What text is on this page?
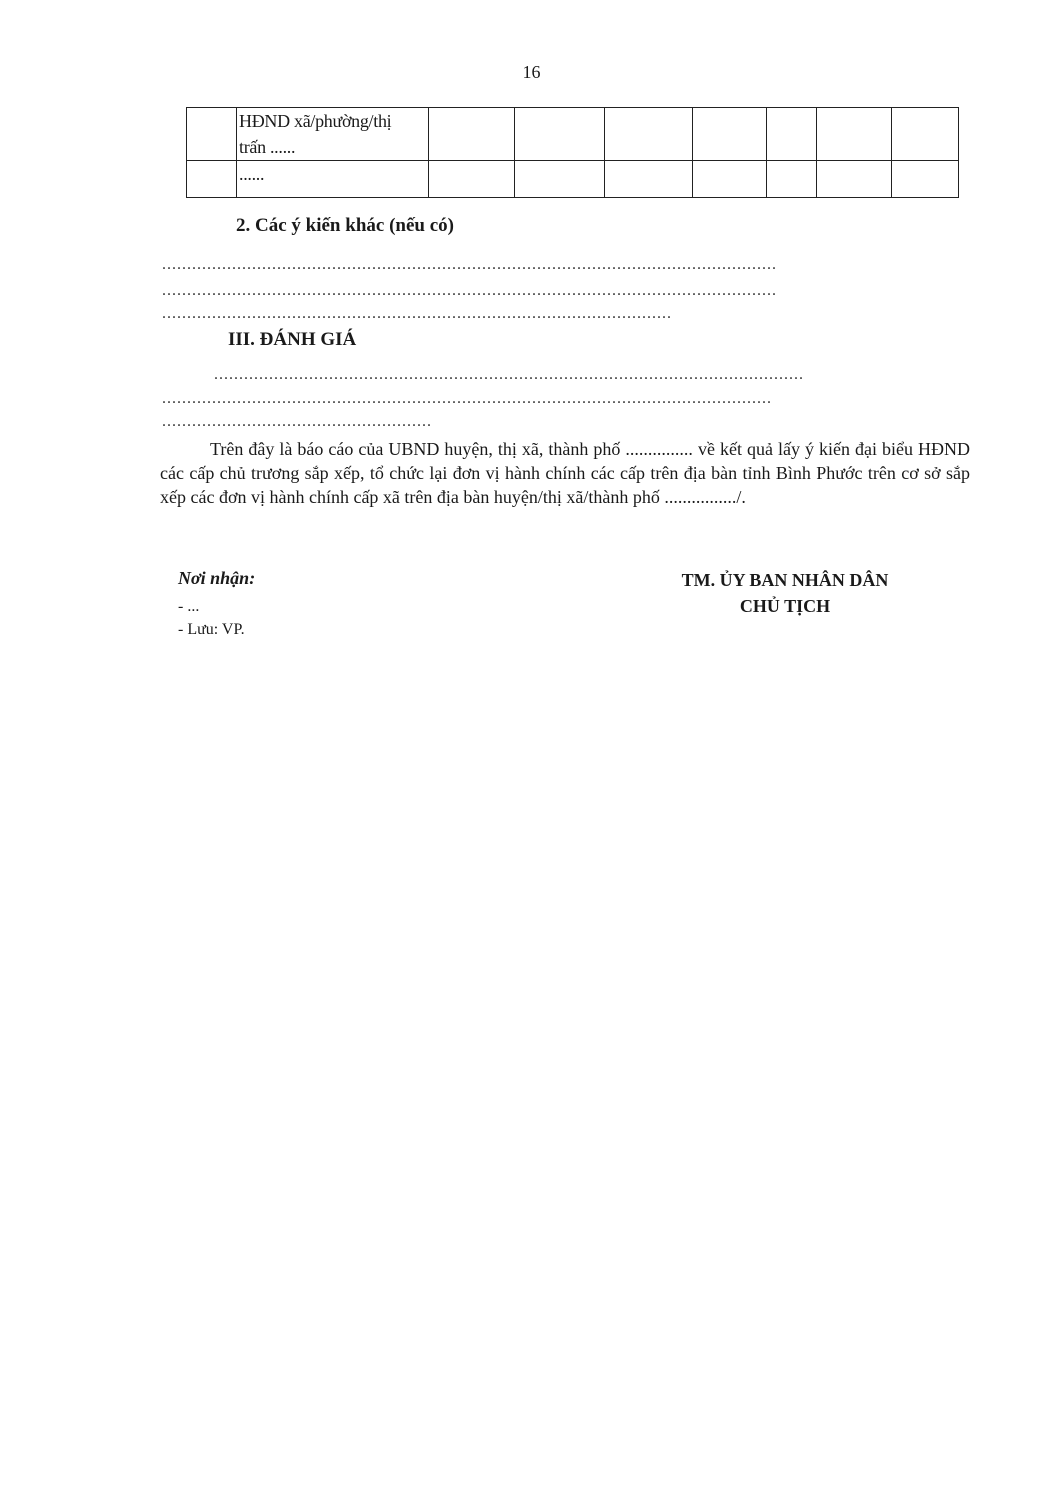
16

	HĐND xã/phường/thị
trấn ......							

	......							
2. Các ý kiến khác (nếu có)
...........................................................................................................................
...........................................................................................................................
......................................................................................................
III. ĐÁNH GIÁ
......................................................................................................................
..........................................................................................................................
......................................................
Trên đây là báo cáo của UBND huyện, thị xã, thành phố ............... về kết quả lấy ý kiến đại biểu HĐND các cấp chủ trương sắp xếp, tổ chức lại đơn vị hành chính các cấp trên địa bàn tỉnh Bình Phước trên cơ sở sắp xếp các đơn vị hành chính cấp xã trên địa bàn huyện/thị xã/thành phố ................/.
Nơi nhận:
- ...
- Lưu: VP.
TM. ỦY BAN NHÂN DÂN
CHỦ TỊCH
